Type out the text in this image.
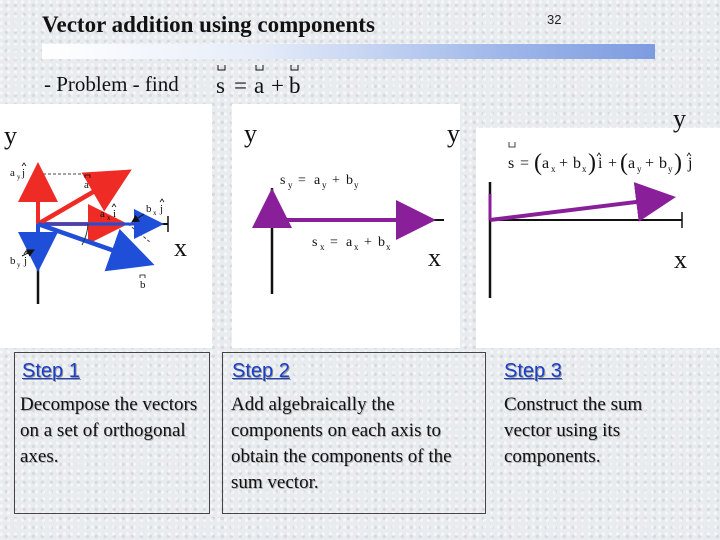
Vector addition using components	32
- Problem - find s = a + b
y
x
a y j
a
a x i	b x j
b y j
b
y	y
x
s y = a y + b y
s x = a x + b x	x
s = ( a x + b x ) i + ( a y + b y ) j
y
Step 1
Decompose the vectors on a set of orthogonal axes.
Step 2
Add algebraically the components on each axis to obtain the components of the sum vector.
Step 3
Construct the sum vector using its components.
